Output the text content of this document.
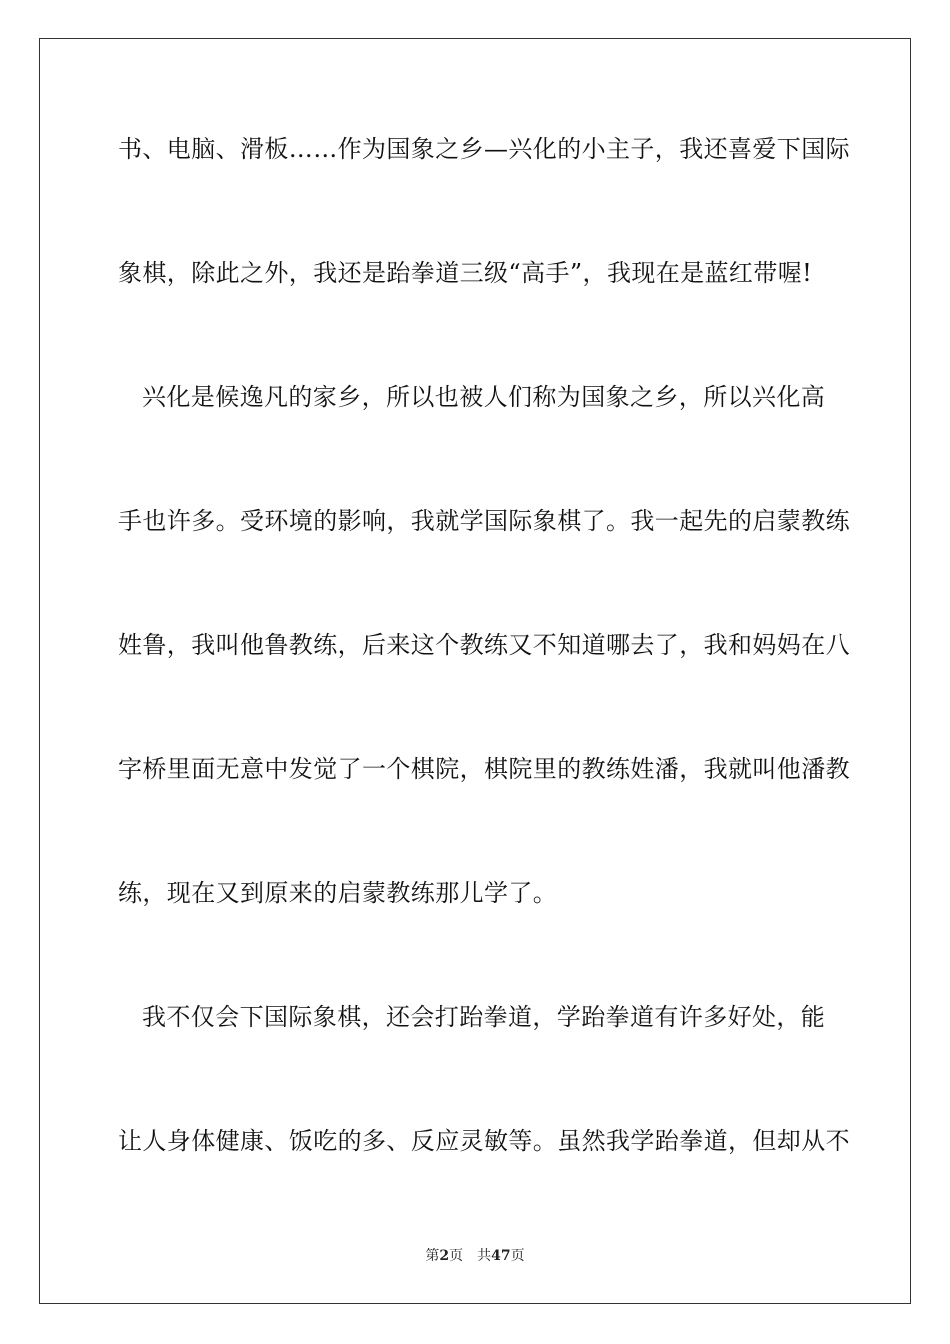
书、电脑、滑板……作为国象之乡—兴化的小主子，我还喜爱下国际
象棋，除此之外，我还是跆拳道三级“高手”，我现在是蓝红带喔!
兴化是候逸凡的家乡，所以也被人们称为国象之乡，所以兴化高
手也许多。受环境的影响，我就学国际象棋了。我一起先的启蒙教练
姓鲁，我叫他鲁教练，后来这个教练又不知道哪去了，我和妈妈在八
字桥里面无意中发觉了一个棋院，棋院里的教练姓潘，我就叫他潘教
练，现在又到原来的启蒙教练那儿学了。
我不仅会下国际象棋，还会打跆拳道，学跆拳道有许多好处，能
让人身体健康、饭吃的多、反应灵敏等。虽然我学跆拳道，但却从不
第2页 共47页
